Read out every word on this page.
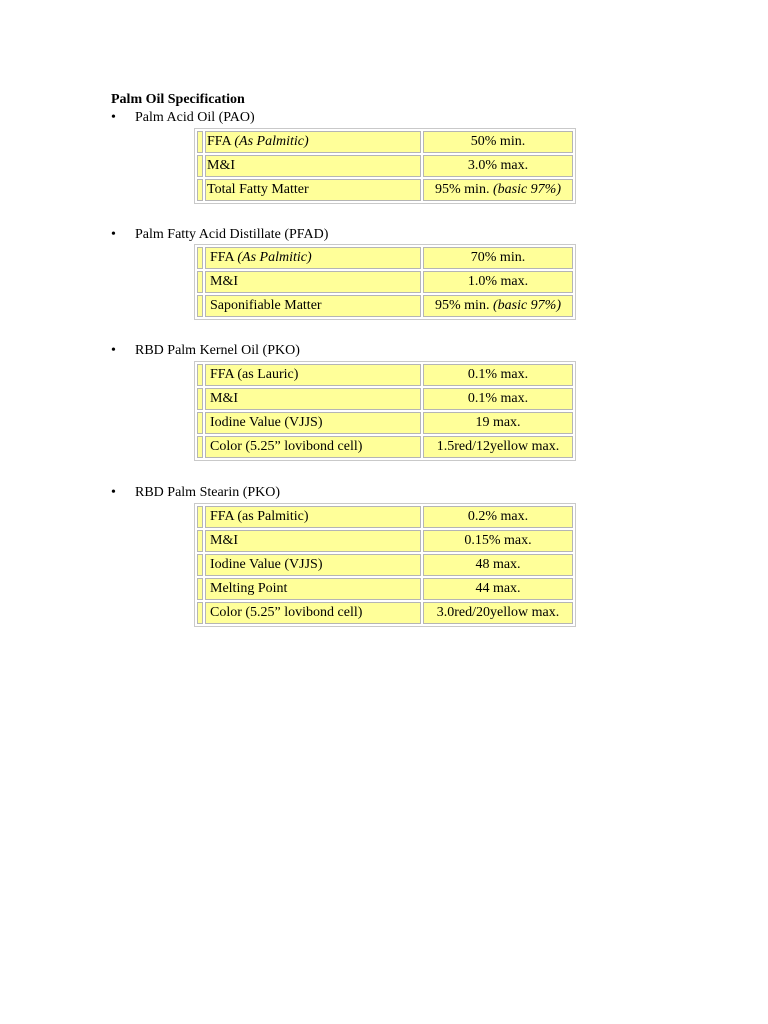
Palm Oil Specification
• Palm Acid Oil (PAO)
	FFA (As Palmitic)	50% min.
	M&I	3.0% max.
	Total Fatty Matter	95% min. (basic 97%)
• Palm Fatty Acid Distillate (PFAD)
	FFA (As Palmitic)	70% min.
	M&I	1.0% max.
	Saponifiable Matter	95% min. (basic 97%)
• RBD Palm Kernel Oil (PKO)
	FFA (as Lauric)	0.1% max.
	M&I	0.1% max.
	Iodine Value (VJJS)	19 max.
	Color (5.25” lovibond cell)	1.5red/12yellow max.
• RBD Palm Stearin (PKO)
	FFA (as Palmitic)	0.2% max.
	M&I	0.15% max.
	Iodine Value (VJJS)	48 max.
	Melting Point	44 max.
	Color (5.25” lovibond cell)	3.0red/20yellow max.
